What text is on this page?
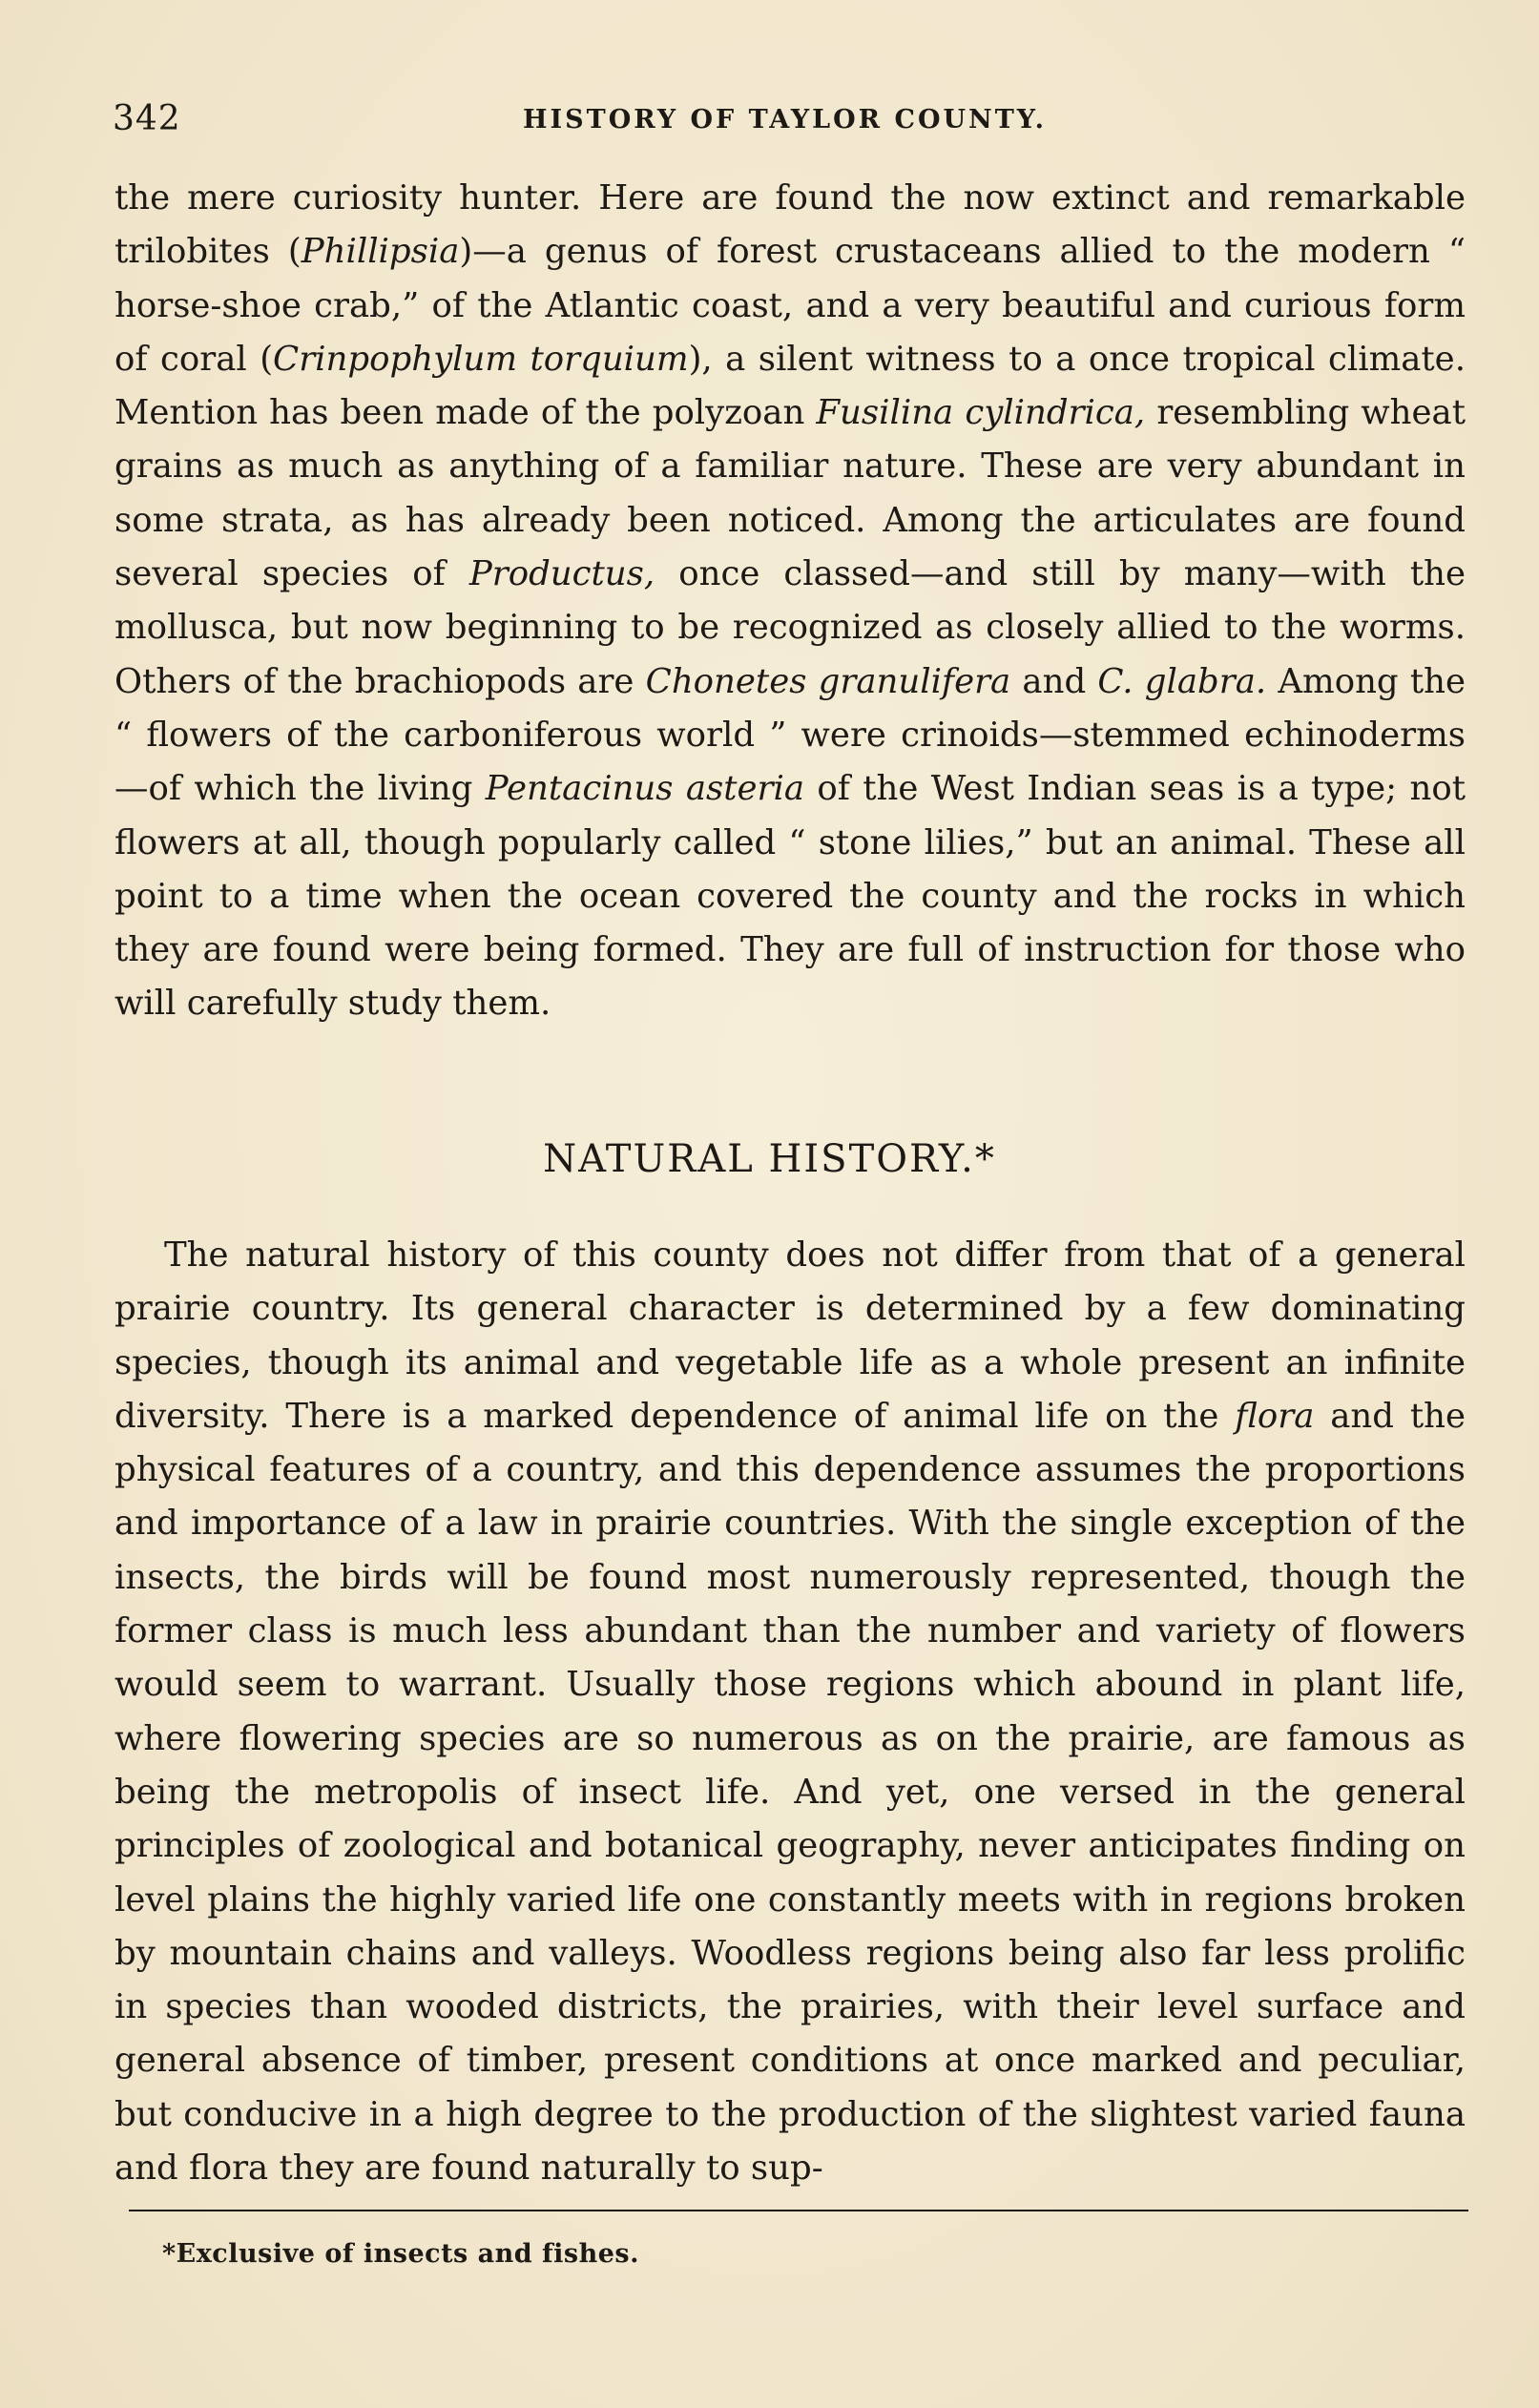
342	HISTORY OF TAYLOR COUNTY.

the mere curiosity hunter. Here are found the now extinct and remarkable trilobites (Phillipsia)—a genus of forest crustaceans allied to the modern “ horse-shoe crab,” of the Atlantic coast, and a very beautiful and curious form of coral (Crinpophylum torquium), a silent witness to a once tropical climate. Mention has been made of the polyzoan Fusilina cylindrica, resembling wheat grains as much as anything of a familiar nature. These are very abundant in some strata, as has already been noticed. Among the articulates are found several species of Productus, once classed—and still by many—with the mollusca, but now beginning to be recognized as closely allied to the worms. Others of the brachiopods are Chonetes granulifera and C. glabra. Among the “ flowers of the carboniferous world ” were crinoids—stemmed echinoderms—of which the living Pentacinus asteria of the West Indian seas is a type; not flowers at all, though popularly called “ stone lilies,” but an animal. These all point to a time when the ocean covered the county and the rocks in which they are found were being formed. They are full of instruction for those who will carefully study them.

NATURAL HISTORY.*

The natural history of this county does not differ from that of a general prairie country. Its general character is determined by a few dominating species, though its animal and vegetable life as a whole present an infinite diversity. There is a marked dependence of animal life on the flora and the physical features of a country, and this dependence assumes the proportions and importance of a law in prairie countries. With the single exception of the insects, the birds will be found most numerously represented, though the former class is much less abundant than the number and variety of flowers would seem to warrant. Usually those regions which abound in plant life, where flowering species are so numerous as on the prairie, are famous as being the metropolis of insect life. And yet, one versed in the general principles of zoological and botanical geography, never anticipates finding on level plains the highly varied life one constantly meets with in regions broken by mountain chains and valleys. Woodless regions being also far less prolific in species than wooded districts, the prairies, with their level surface and general absence of timber, present conditions at once marked and peculiar, but conducive in a high degree to the production of the slightest varied fauna and flora they are found naturally to sup-

*Exclusive of insects and fishes.
